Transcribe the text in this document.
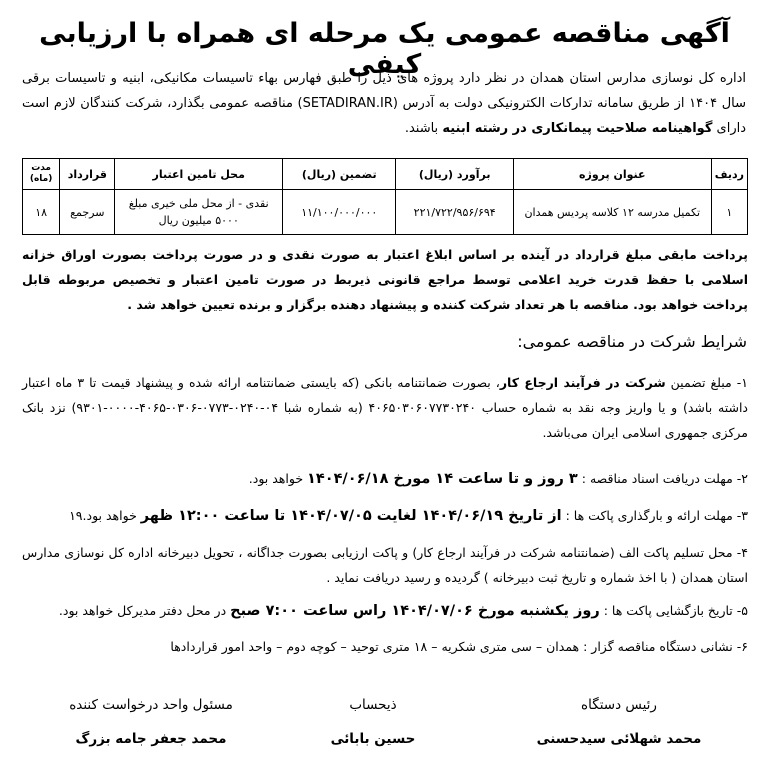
آگهی مناقصه عمومی یک مرحله ای همراه با ارزیابی کیفی
اداره کل نوسازی مدارس استان همدان در نظر دارد پروژه های ذیل را طبق فهارس بهاء تاسیسات مکانیکی، ابنیه و تاسیسات برقی سال ۱۴۰۴ از طریق سامانه تدارکات الکترونیکی دولت به آدرس (SETADIRAN.IR) مناقصه عمومی بگذارد، شرکت کنندگان لازم است دارای گواهینامه صلاحیت پیمانکاری در رشته ابنیه باشند.
ردیف	عنوان پروژه	برآورد (ریال)	تضمین (ریال)	محل تامین اعتبار	قرارداد	مدت (ماه)
۱	تکمیل مدرسه ۱۲ کلاسه پردیس همدان	۲۲۱/۷۲۲/۹۵۶/۶۹۴	۱۱/۱۰۰/۰۰۰/۰۰۰	نقدی - از محل ملی خیری مبلغ ۵۰۰۰ میلیون ریال	سرجمع	۱۸
پرداخت مابقی مبلغ قرارداد در آینده بر اساس ابلاغ اعتبار به صورت نقدی و در صورت پرداخت بصورت اوراق خزانه اسلامی با حفظ قدرت خرید اعلامی توسط مراجع قانونی ذیربط در صورت تامین اعتبار و تخصیص مربوطه قابل پرداخت خواهد بود. مناقصه با هر تعداد شرکت کننده و پیشنهاد دهنده برگزار و برنده تعیین خواهد شد .
شرایط شرکت در مناقصه عمومی:
۱- مبلغ تضمین شرکت در فرآیند ارجاع کار، بصورت ضمانتنامه بانکی (که بایستی ضمانتنامه ارائه شده و پیشنهاد قیمت تا ۳ ماه اعتبار داشته باشد) و یا واریز وجه نقد به شماره حساب ۴۰۶۵۰۳۰۶۰۷۷۳۰۲۴۰ (به شماره شبا ۰۴-۰۲۴۰-۰۷۷۳-۰۳۰۶-۴۰۶۵-۰۰۰۰-۹۳۰۱) نزد بانک مرکزی جمهوری اسلامی ایران می‌باشد.
۲- مهلت دریافت اسناد مناقصه : ۳ روز و تا ساعت ۱۴ مورخ ۱۴۰۴/۰۶/۱۸ خواهد بود.
۳- مهلت ارائه و بارگذاری پاکت ها : از تاریخ ۱۴۰۴/۰۶/۱۹ لغایت ۱۴۰۴/۰۷/۰۵ تا ساعت ۱۲:۰۰ ظهر خواهد بود.۱۹
۴- محل تسلیم پاکت الف (ضمانتنامه شرکت در فرآیند ارجاع کار) و پاکت ارزیابی بصورت جداگانه ، تحویل دبیرخانه اداره کل نوسازی مدارس استان همدان ( با اخذ شماره و تاریخ ثبت دبیرخانه ) گردیده و رسید دریافت نماید .
۵- تاریخ بازگشایی پاکت ها : روز یکشنبه مورخ ۱۴۰۴/۰۷/۰۶ راس ساعت ۷:۰۰ صبح در محل دفتر مدیرکل خواهد بود.
۶- نشانی دستگاه مناقصه گزار : همدان – سی متری شکریه – ۱۸ متری توحید – کوچه دوم – واحد امور قراردادها
رئیس دستگاه
محمد شهلائی سیدحسنی
ذیحساب
حسین بابائی
مسئول واحد درخواست کننده
محمد جعفر جامه بزرگ
